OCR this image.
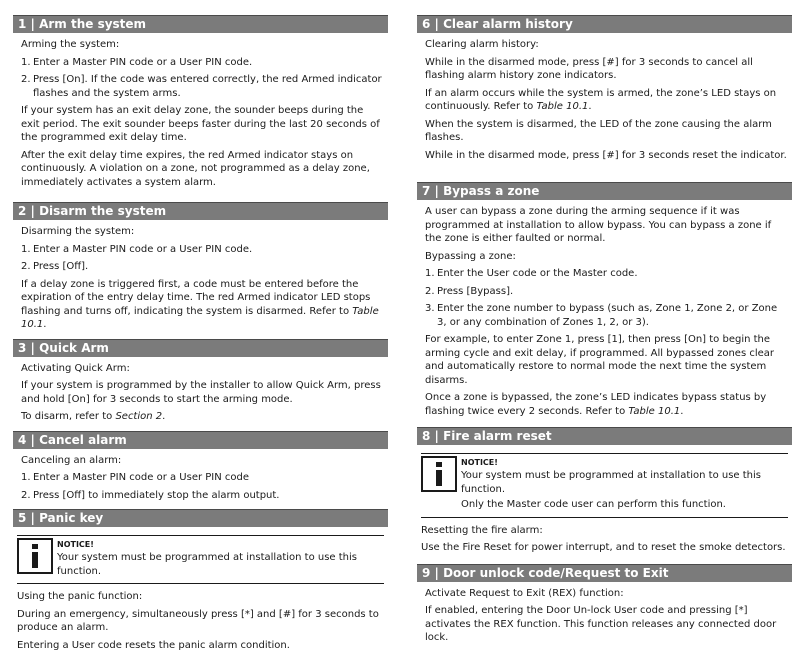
1 | Arm the system

Arming the system:

1. Enter a Master PIN code or a User PIN code.
2. Press [On]. If the code was entered correctly, the red Armed indicator flashes and the system arms.

If your system has an exit delay zone, the sounder beeps during the exit period. The exit sounder beeps faster during the last 20 seconds of the programmed exit delay time.

After the exit delay time expires, the red Armed indicator stays on continuously. A violation on a zone, not programmed as a delay zone, immediately activates a system alarm.

2 | Disarm the system

Disarming the system:

1. Enter a Master PIN code or a User PIN code.
2. Press [Off].

If a delay zone is triggered first, a code must be entered before the expiration of the entry delay time. The red Armed indicator LED stops flashing and turns off, indicating the system is disarmed. Refer to Table 10.1.

3 | Quick Arm

Activating Quick Arm:

If your system is programmed by the installer to allow Quick Arm, press and hold [On] for 3 seconds to start the arming mode.

To disarm, refer to Section 2.

4 | Cancel alarm

Canceling an alarm:

1. Enter a Master PIN code or a User PIN code
2. Press [Off] to immediately stop the alarm output.
5 | Panic key
NOTICE!

Your system must be programmed at installation to use this function.

Using the panic function:

During an emergency, simultaneously press [*] and [#] for 3 seconds to produce an alarm.

Entering a User code resets the panic alarm condition.

6 | Clear alarm history

Clearing alarm history:

While in the disarmed mode, press [#] for 3 seconds to cancel all flashing alarm history zone indicators.

If an alarm occurs while the system is armed, the zone’s LED stays on continuously. Refer to Table 10.1.

When the system is disarmed, the LED of the zone causing the alarm flashes.

While in the disarmed mode, press [#] for 3 seconds reset the indicator.

7 | Bypass a zone

A user can bypass a zone during the arming sequence if it was programmed at installation to allow bypass. You can bypass a zone if the zone is either faulted or normal.

Bypassing a zone:

1. Enter the User code or the Master code.
2. Press [Bypass].
3. Enter the zone number to bypass (such as, Zone 1, Zone 2, or Zone 3, or any combination of Zones 1, 2, or 3).

For example, to enter Zone 1, press [1], then press [On] to begin the arming cycle and exit delay, if programmed. All bypassed zones clear and automatically restore to normal mode the next time the system disarms.

Once a zone is bypassed, the zone’s LED indicates bypass status by flashing twice every 2 seconds. Refer to Table 10.1.

8 | Fire alarm reset
NOTICE!

Your system must be programmed at installation to use this function.

Only the Master code user can perform this function.

Resetting the fire alarm:

Use the Fire Reset for power interrupt, and to reset the smoke detectors.

9 | Door unlock code/Request to Exit

Activate Request to Exit (REX) function:

If enabled, entering the Door Un-lock User code and pressing [*] activates the REX function. This function releases any connected door lock.
